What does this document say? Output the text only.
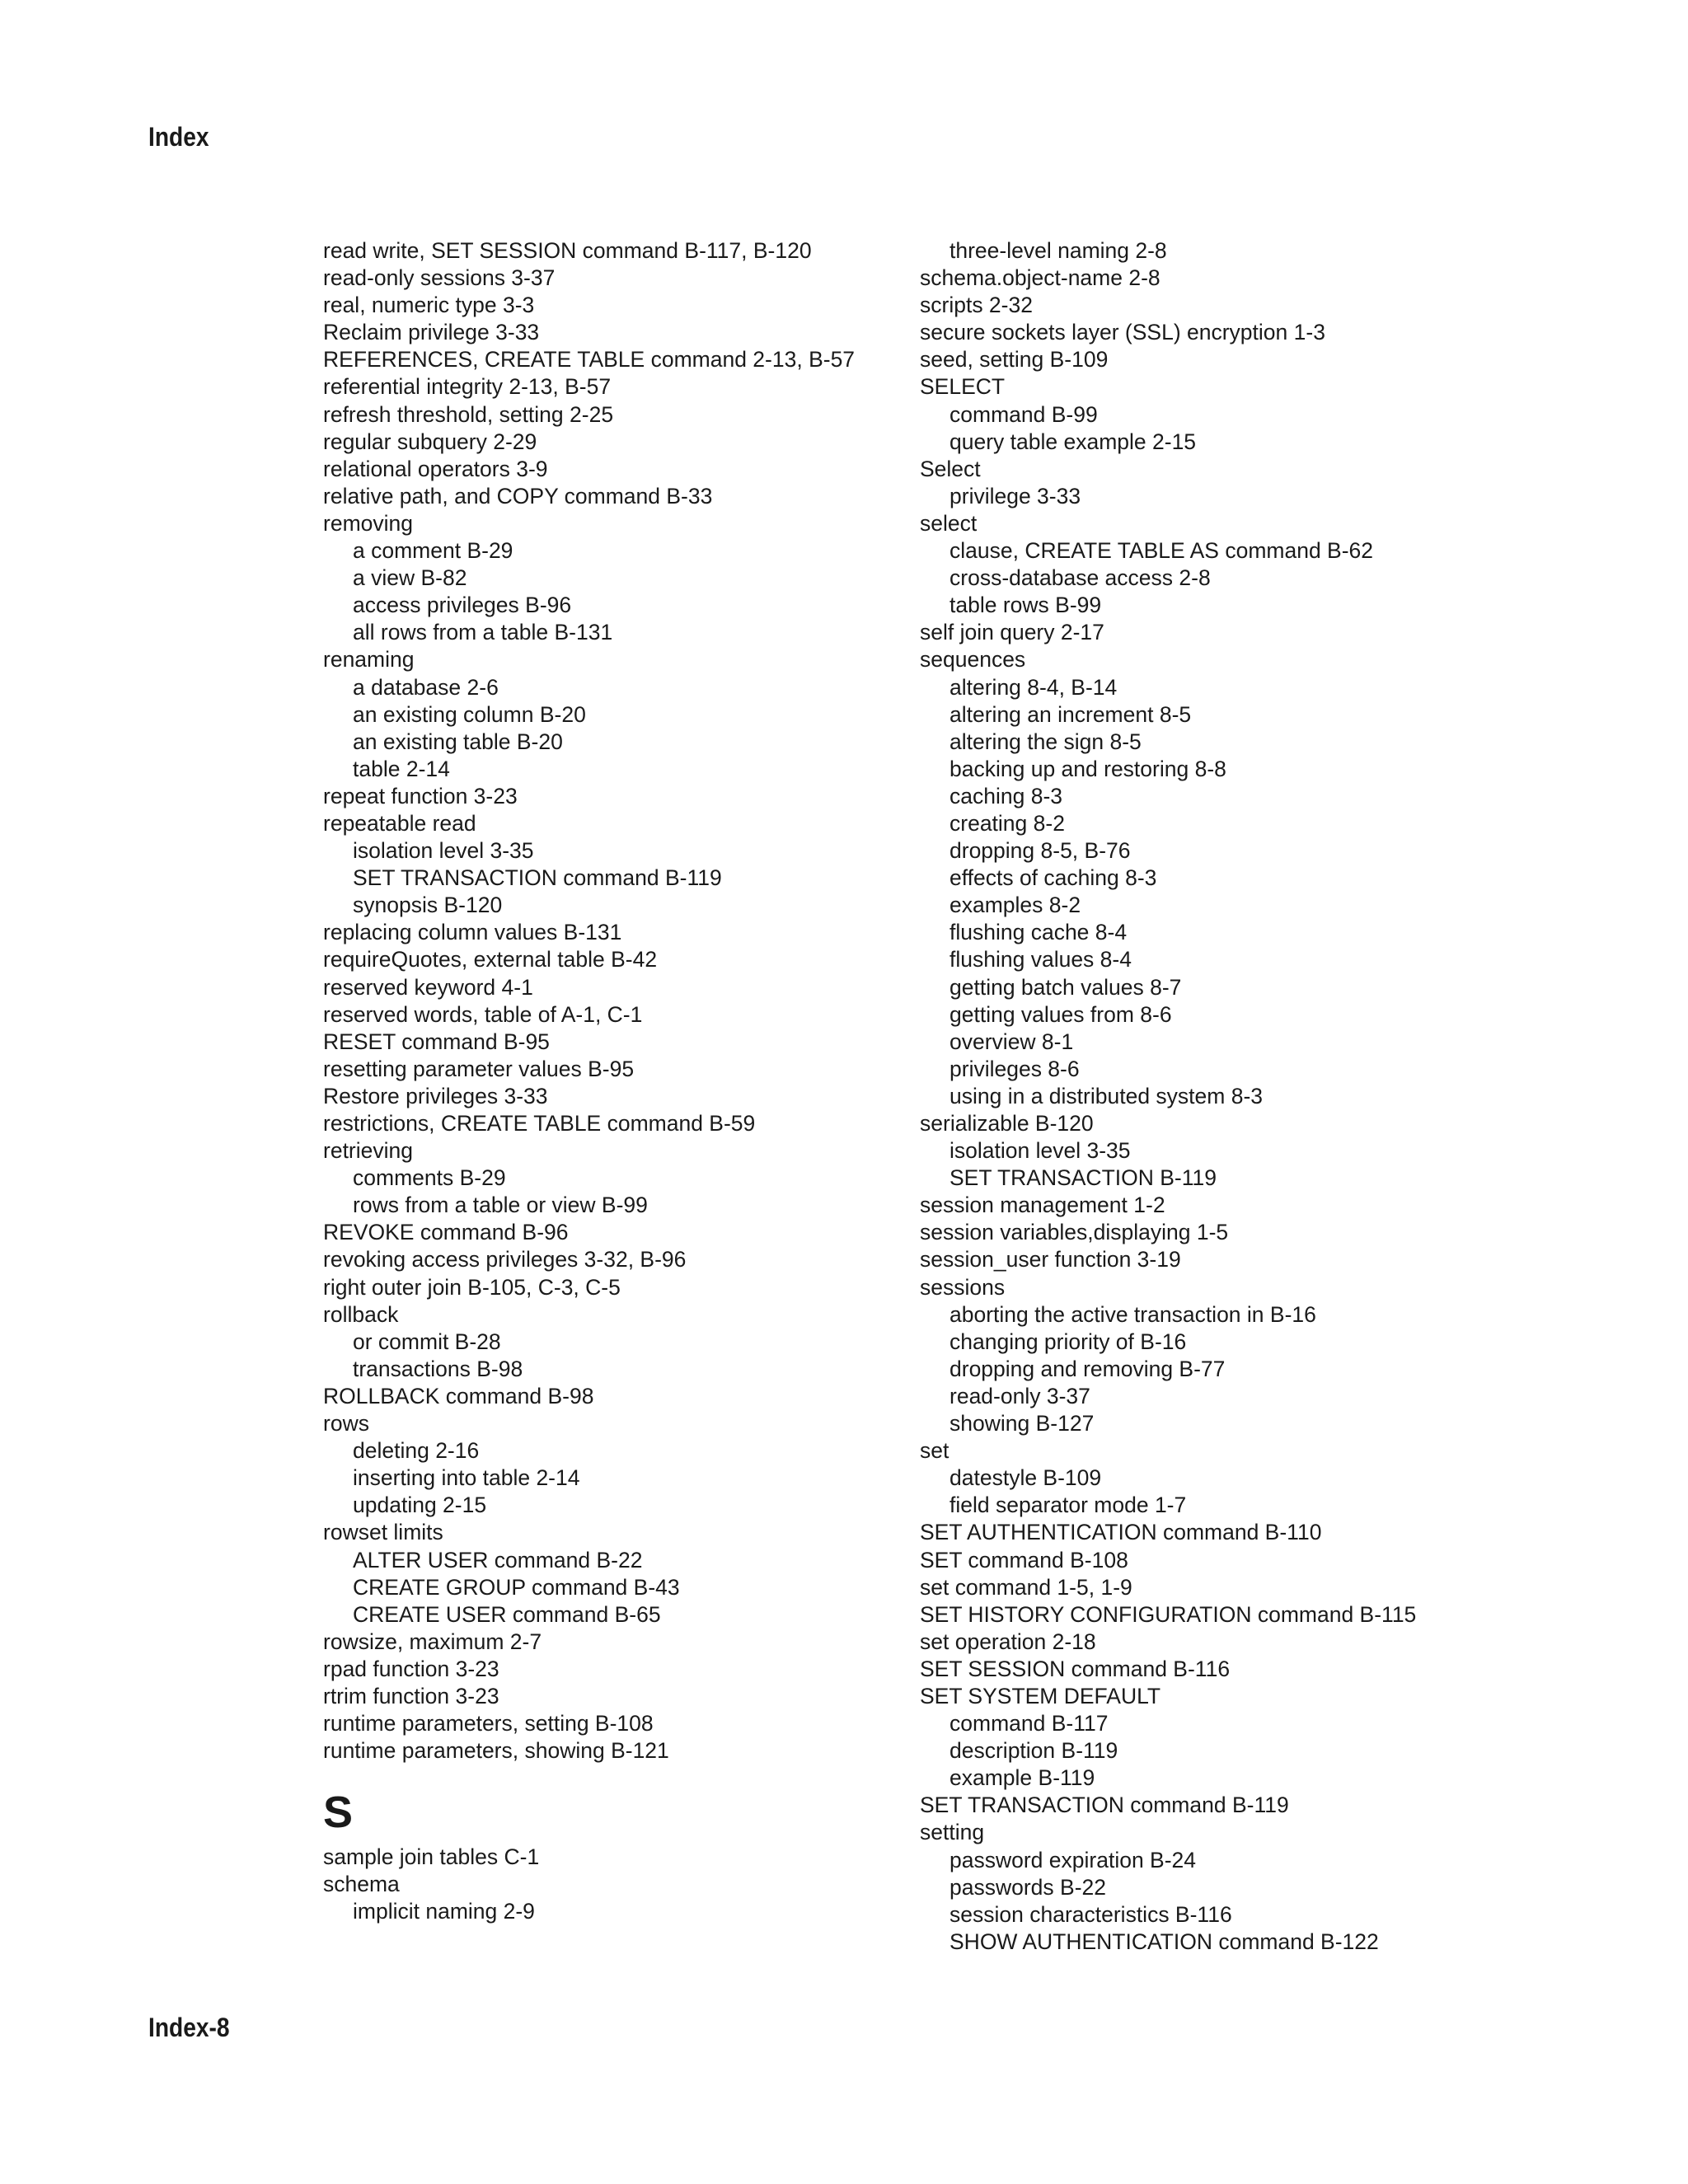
Index
read write, SET SESSION command B-117, B-120
read-only sessions 3-37
real, numeric type 3-3
Reclaim privilege 3-33
REFERENCES, CREATE TABLE command 2-13, B-57
referential integrity 2-13, B-57
refresh threshold, setting 2-25
regular subquery 2-29
relational operators 3-9
relative path, and COPY command B-33
removing
a comment B-29
a view B-82
access privileges B-96
all rows from a table B-131
renaming
a database 2-6
an existing column B-20
an existing table B-20
table 2-14
repeat function 3-23
repeatable read
isolation level 3-35
SET TRANSACTION command B-119
synopsis B-120
replacing column values B-131
requireQuotes, external table B-42
reserved keyword 4-1
reserved words, table of A-1, C-1
RESET command B-95
resetting parameter values B-95
Restore privileges 3-33
restrictions, CREATE TABLE command B-59
retrieving
comments B-29
rows from a table or view B-99
REVOKE command B-96
revoking access privileges 3-32, B-96
right outer join B-105, C-3, C-5
rollback
or commit B-28
transactions B-98
ROLLBACK command B-98
rows
deleting 2-16
inserting into table 2-14
updating 2-15
rowset limits
ALTER USER command B-22
CREATE GROUP command B-43
CREATE USER command B-65
rowsize, maximum 2-7
rpad function 3-23
rtrim function 3-23
runtime parameters, setting B-108
runtime parameters, showing B-121
S
sample join tables C-1
schema
implicit naming 2-9
three-level naming 2-8
schema.object-name 2-8
scripts 2-32
secure sockets layer (SSL) encryption 1-3
seed, setting B-109
SELECT
command B-99
query table example 2-15
Select
privilege 3-33
select
clause, CREATE TABLE AS command B-62
cross-database access 2-8
table rows B-99
self join query 2-17
sequences
altering 8-4, B-14
altering an increment 8-5
altering the sign 8-5
backing up and restoring 8-8
caching 8-3
creating 8-2
dropping 8-5, B-76
effects of caching 8-3
examples 8-2
flushing cache 8-4
flushing values 8-4
getting batch values 8-7
getting values from 8-6
overview 8-1
privileges 8-6
using in a distributed system 8-3
serializable B-120
isolation level 3-35
SET TRANSACTION B-119
session management 1-2
session variables,displaying 1-5
session_user function 3-19
sessions
aborting the active transaction in B-16
changing priority of B-16
dropping and removing B-77
read-only 3-37
showing B-127
set
datestyle B-109
field separator mode 1-7
SET AUTHENTICATION command B-110
SET command B-108
set command 1-5, 1-9
SET HISTORY CONFIGURATION command B-115
set operation 2-18
SET SESSION command B-116
SET SYSTEM DEFAULT
command B-117
description B-119
example B-119
SET TRANSACTION command B-119
setting
password expiration B-24
passwords B-22
session characteristics B-116
SHOW AUTHENTICATION command B-122
Index-8
